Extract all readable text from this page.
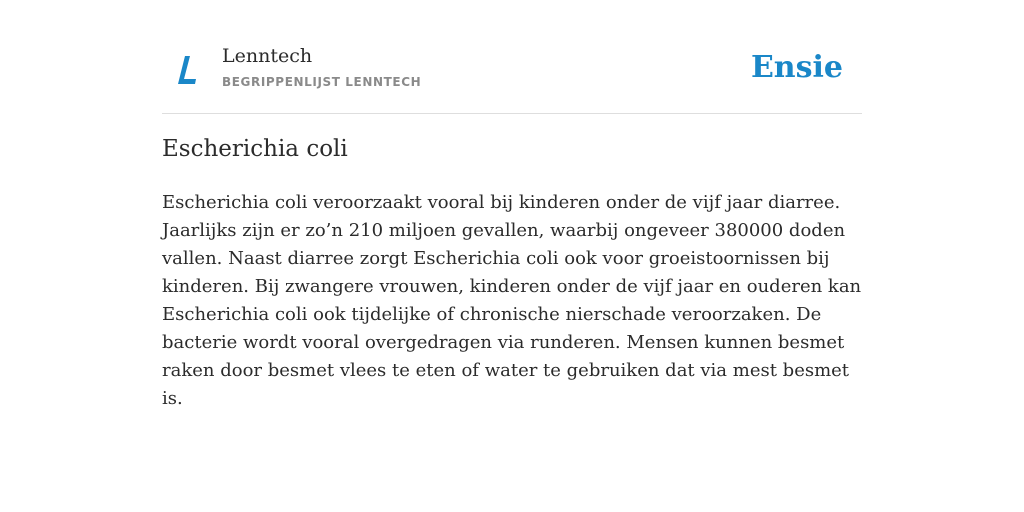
Lenntech
BEGRIPPENLIJST LENNTECH	Ensie
Escherichia coli

Escherichia coli veroorzaakt vooral bij kinderen onder de vijf jaar diarree. Jaarlijks zijn er zo’n 210 miljoen gevallen, waarbij ongeveer 380000 doden vallen. Naast diarree zorgt Escherichia coli ook voor groeistoornissen bij kinderen. Bij zwangere vrouwen, kinderen onder de vijf jaar en ouderen kan Escherichia coli ook tijdelijke of chronische nierschade veroorzaken. De bacterie wordt vooral overgedragen via runderen. Mensen kunnen besmet raken door besmet vlees te eten of water te gebruiken dat via mest besmet is.
